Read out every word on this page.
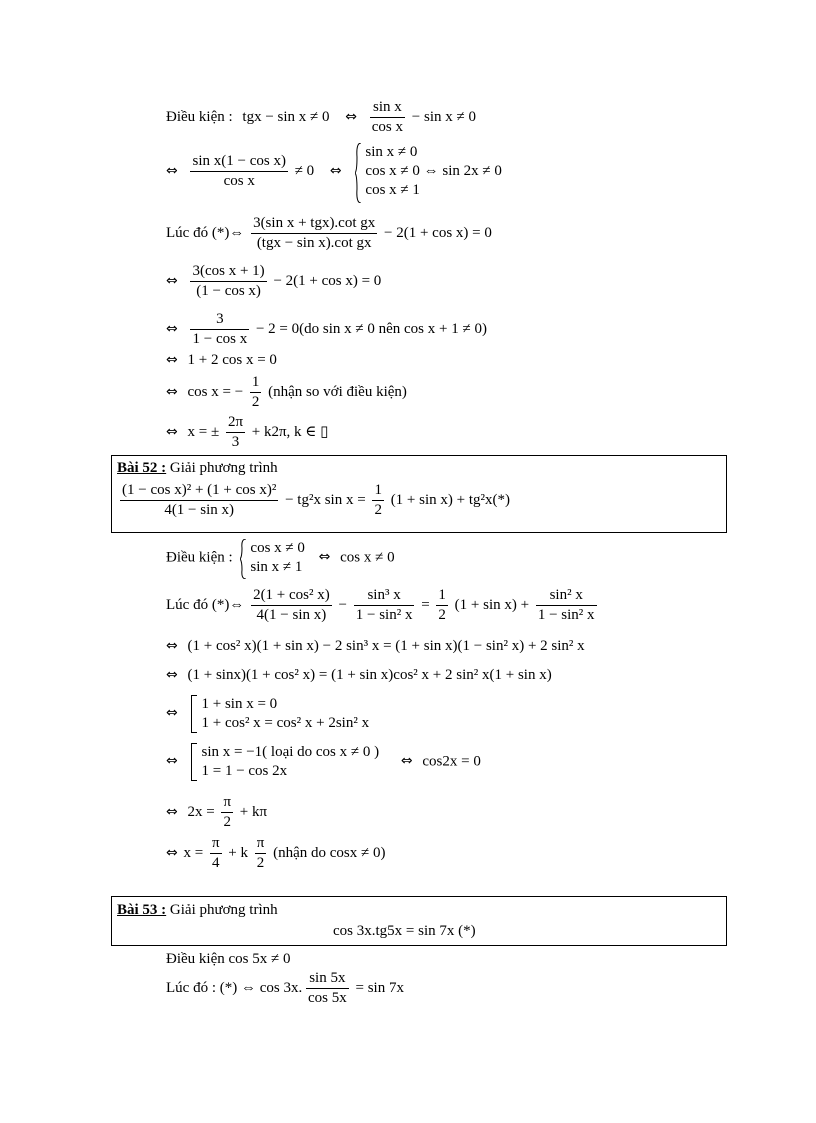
Điều kiện : tgx − sin x ≠ 0 ⇔ $\frac{\text{sin x}}{\text{cos x}} - \sin x \ne 0$
⇔ $\frac{\text{sin x(1 − cos x)}}{\text{cos x}} \ne 0$ ⇔
sin x ≠ 0
cos x ≠ 0 ⇔ sin 2x ≠ 0
cos x ≠ 1
Lúc đó (*)⇔ $\frac{\text{3(sin x + tgx).cot gx}}{\text{(tgx − sin x).cot gx}} - 2(1 + \cos x) = 0$
⇔ $\frac{\text{3(cos x + 1)}}{\text{(1 − cos x)}} - 2(1 + \cos x) = 0$
⇔ $\frac{3}{\text{1 − cos x}} - 2 = 0(do$ sin x ≠ 0 nên cos x + 1 ≠ 0)
⇔ 1 + 2 cos x = 0
⇔ cos x = − $\frac{1}{2}$ (nhận so với điều kiện)
⇔ x = ± $\frac{2\pi}{3} + k2\pi$, k ∈ ▯
Bài 52 : Giải phương trình
$\frac{\text{(1 − cos x)² + (1 + cos x)²}}{\text{4(1 − sin x)}} - tg^2x$ $\sin x = \frac{1}{2} (1 + \sin x) + tg^2x(*)$
Điều kiện :
cos x ≠ 0
sin x ≠ 1
⇔ cos x ≠ 0
Lúc đó (*)⇔ $\frac{\text{2(1 + cos² x)}}{\text{4(1 − sin x)}} - \frac{\text{sin³ x}}{\text{1 − sin² x}} = \frac{1}{2} (1 + \sin x) + \frac{\text{sin² x}}{\text{1 − sin² x}}$
⇔ (1 + cos² x)(1 + sin x) − 2 sin³ x = (1 + sin x)(1 − sin² x) + 2 sin² x
⇔ (1 + sinx)(1 + cos² x) = (1 + sin x)cos² x + 2 sin² x(1 + sin x)
⇔
1 + sin x = 0
1 + cos² x = cos² x + 2sin² x
⇔
sin x = −1( loại do cos x ≠ 0 )
1 = 1 − cos 2x
⇔ cos2x = 0
⇔ $2x = \frac{\pi}{2} + k\pi$
⇔ $x = \frac{\pi}{4} + k \frac{\pi}{2}$ (nhận do cosx ≠ 0)
Bài 53 : Giải phương trình
cos 3x.tg5x = sin 7x (*)
Điều kiện cos 5x ≠ 0
Lúc đó : (*) ⇔ cos 3x. $\frac{\sin 5x}{\cos 5x} = \sin 7x$
